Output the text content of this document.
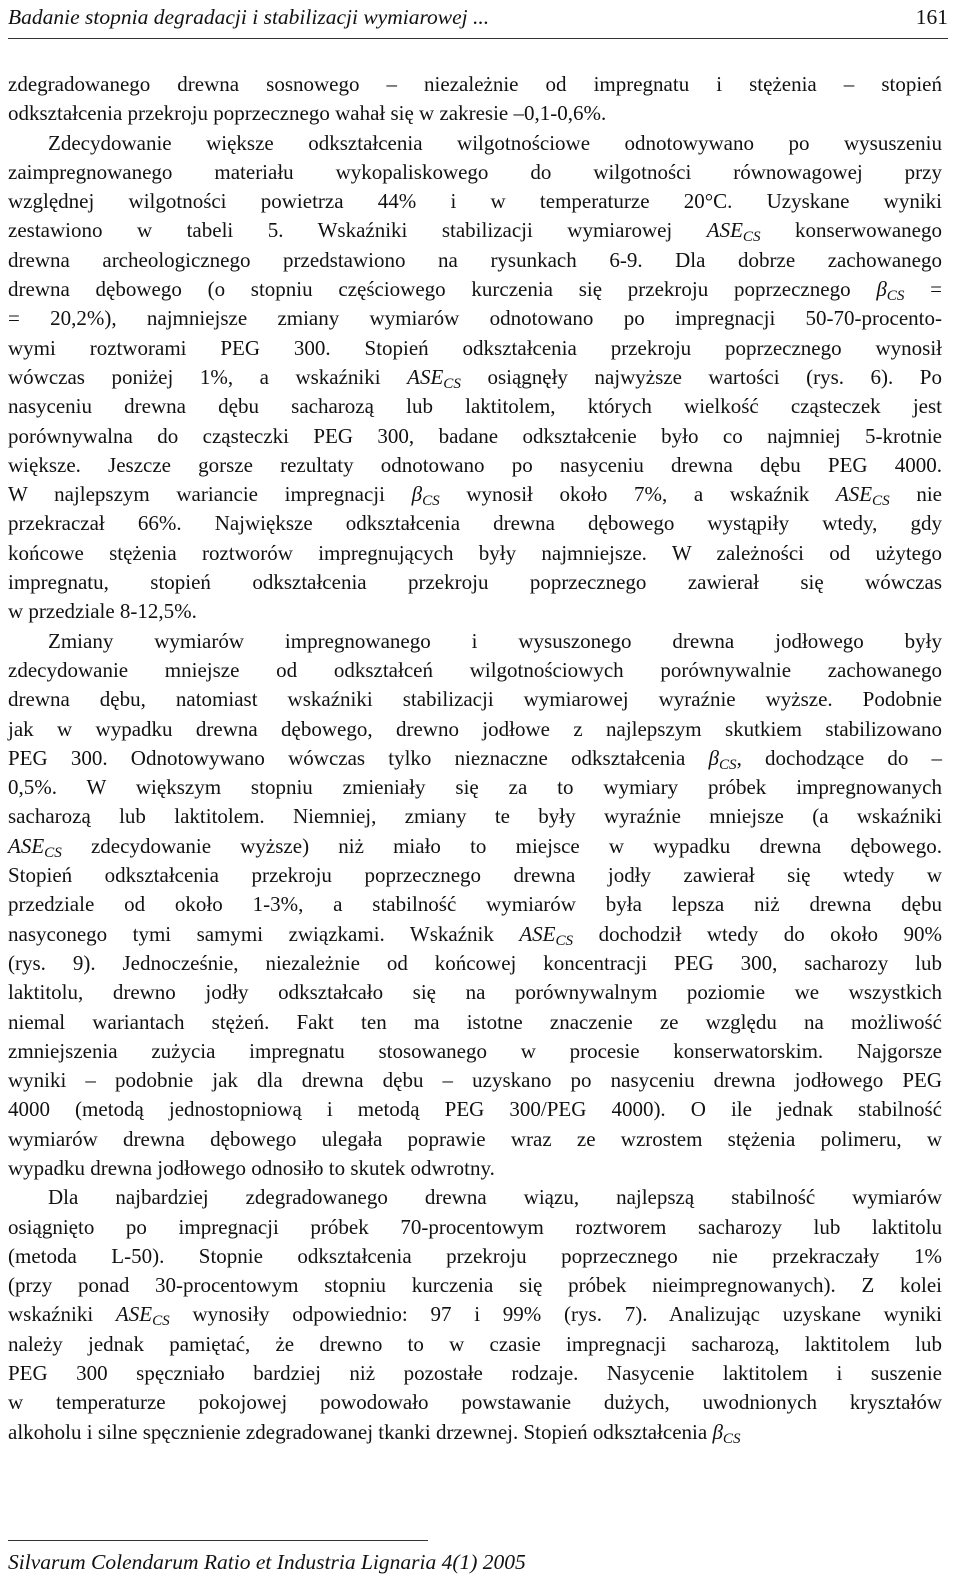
Badanie stopnia degradacji i stabilizacji wymiarowej ...	161

zdegradowanego drewna sosnowego – niezależnie od impregnatu i stężenia – stopień
odkształcenia przekroju poprzecznego wahał się w zakresie –0,1-0,6%.
Zdecydowanie większe odkształcenia wilgotnościowe odnotowywano po wysuszeniu
zaimpregnowanego materiału wykopaliskowego do wilgotności równowagowej przy
względnej wilgotności powietrza 44% i w temperaturze 20°C. Uzyskane wyniki
zestawiono w tabeli 5. Wskaźniki stabilizacji wymiarowej $ASE_{CS}$ konserwowanego
drewna archeologicznego przedstawiono na rysunkach 6-9. Dla dobrze zachowanego
drewna dębowego (o stopniu częściowego kurczenia się przekroju poprzecznego $\beta_{CS}$ =
= 20,2%), najmniejsze zmiany wymiarów odnotowano po impregnacji 50-70-procento-
wymi roztworami PEG 300. Stopień odkształcenia przekroju poprzecznego wynosił
wówczas poniżej 1%, a wskaźniki $ASE_{CS}$ osiągnęły najwyższe wartości (rys. 6). Po
nasyceniu drewna dębu sacharozą lub laktitolem, których wielkość cząsteczek jest
porównywalna do cząsteczki PEG 300, badane odkształcenie było co najmniej 5-krotnie
większe. Jeszcze gorsze rezultaty odnotowano po nasyceniu drewna dębu PEG 4000.
W najlepszym wariancie impregnacji $\beta_{CS}$ wynosił około 7%, a wskaźnik $ASE_{CS}$ nie
przekraczał 66%. Największe odkształcenia drewna dębowego wystąpiły wtedy, gdy
końcowe stężenia roztworów impregnujących były najmniejsze. W zależności od użytego
impregnatu, stopień odkształcenia przekroju poprzecznego zawierał się wówczas
w przedziale 8-12,5%.

Zmiany wymiarów impregnowanego i wysuszonego drewna jodłowego były
zdecydowanie mniejsze od odkształceń wilgotnościowych porównywalnie zachowanego
drewna dębu, natomiast wskaźniki stabilizacji wymiarowej wyraźnie wyższe. Podobnie
jak w wypadku drewna dębowego, drewno jodłowe z najlepszym skutkiem stabilizowano
PEG 300. Odnotowywano wówczas tylko nieznaczne odkształcenia $\beta_{CS}$, dochodzące do –
0,5%. W większym stopniu zmieniały się za to wymiary próbek impregnowanych
sacharozą lub laktitolem. Niemniej, zmiany te były wyraźnie mniejsze (a wskaźniki
$ASE_{CS}$ zdecydowanie wyższe) niż miało to miejsce w wypadku drewna dębowego.
Stopień odkształcenia przekroju poprzecznego drewna jodły zawierał się wtedy w
przedziale od około 1-3%, a stabilność wymiarów była lepsza niż drewna dębu
nasyconego tymi samymi związkami. Wskaźnik $ASE_{CS}$ dochodził wtedy do około 90%
(rys. 9). Jednocześnie, niezależnie od końcowej koncentracji PEG 300, sacharozy lub
laktitolu, drewno jodły odkształcało się na porównywalnym poziomie we wszystkich
niemal wariantach stężeń. Fakt ten ma istotne znaczenie ze względu na możliwość
zmniejszenia zużycia impregnatu stosowanego w procesie konserwatorskim. Najgorsze
wyniki – podobnie jak dla drewna dębu – uzyskano po nasyceniu drewna jodłowego PEG
4000 (metodą jednostopniową i metodą PEG 300/PEG 4000). O ile jednak stabilność
wymiarów drewna dębowego ulegała poprawie wraz ze wzrostem stężenia polimeru, w
wypadku drewna jodłowego odnosiło to skutek odwrotny.

Dla najbardziej zdegradowanego drewna wiązu, najlepszą stabilność wymiarów
osiągnięto po impregnacji próbek 70-procentowym roztworem sacharozy lub laktitolu
(metoda L-50). Stopnie odkształcenia przekroju poprzecznego nie przekraczały 1%
(przy ponad 30-procentowym stopniu kurczenia się próbek nieimpregnowanych). Z kolei
wskaźniki $ASE_{CS}$ wynosiły odpowiednio: 97 i 99% (rys. 7). Analizując uzyskane wyniki
należy jednak pamiętać, że drewno to w czasie impregnacji sacharozą, laktitolem lub
PEG 300 spęczniało bardziej niż pozostałe rodzaje. Nasycenie laktitolem i suszenie
w temperaturze pokojowej powodowało powstawanie dużych, uwodnionych kryształów
alkoholu i silne spęcznienie zdegradowanej tkanki drzewnej. Stopień odkształcenia $\beta_{CS}$

Silvarum Colendarum Ratio et Industria Lignaria 4(1) 2005
